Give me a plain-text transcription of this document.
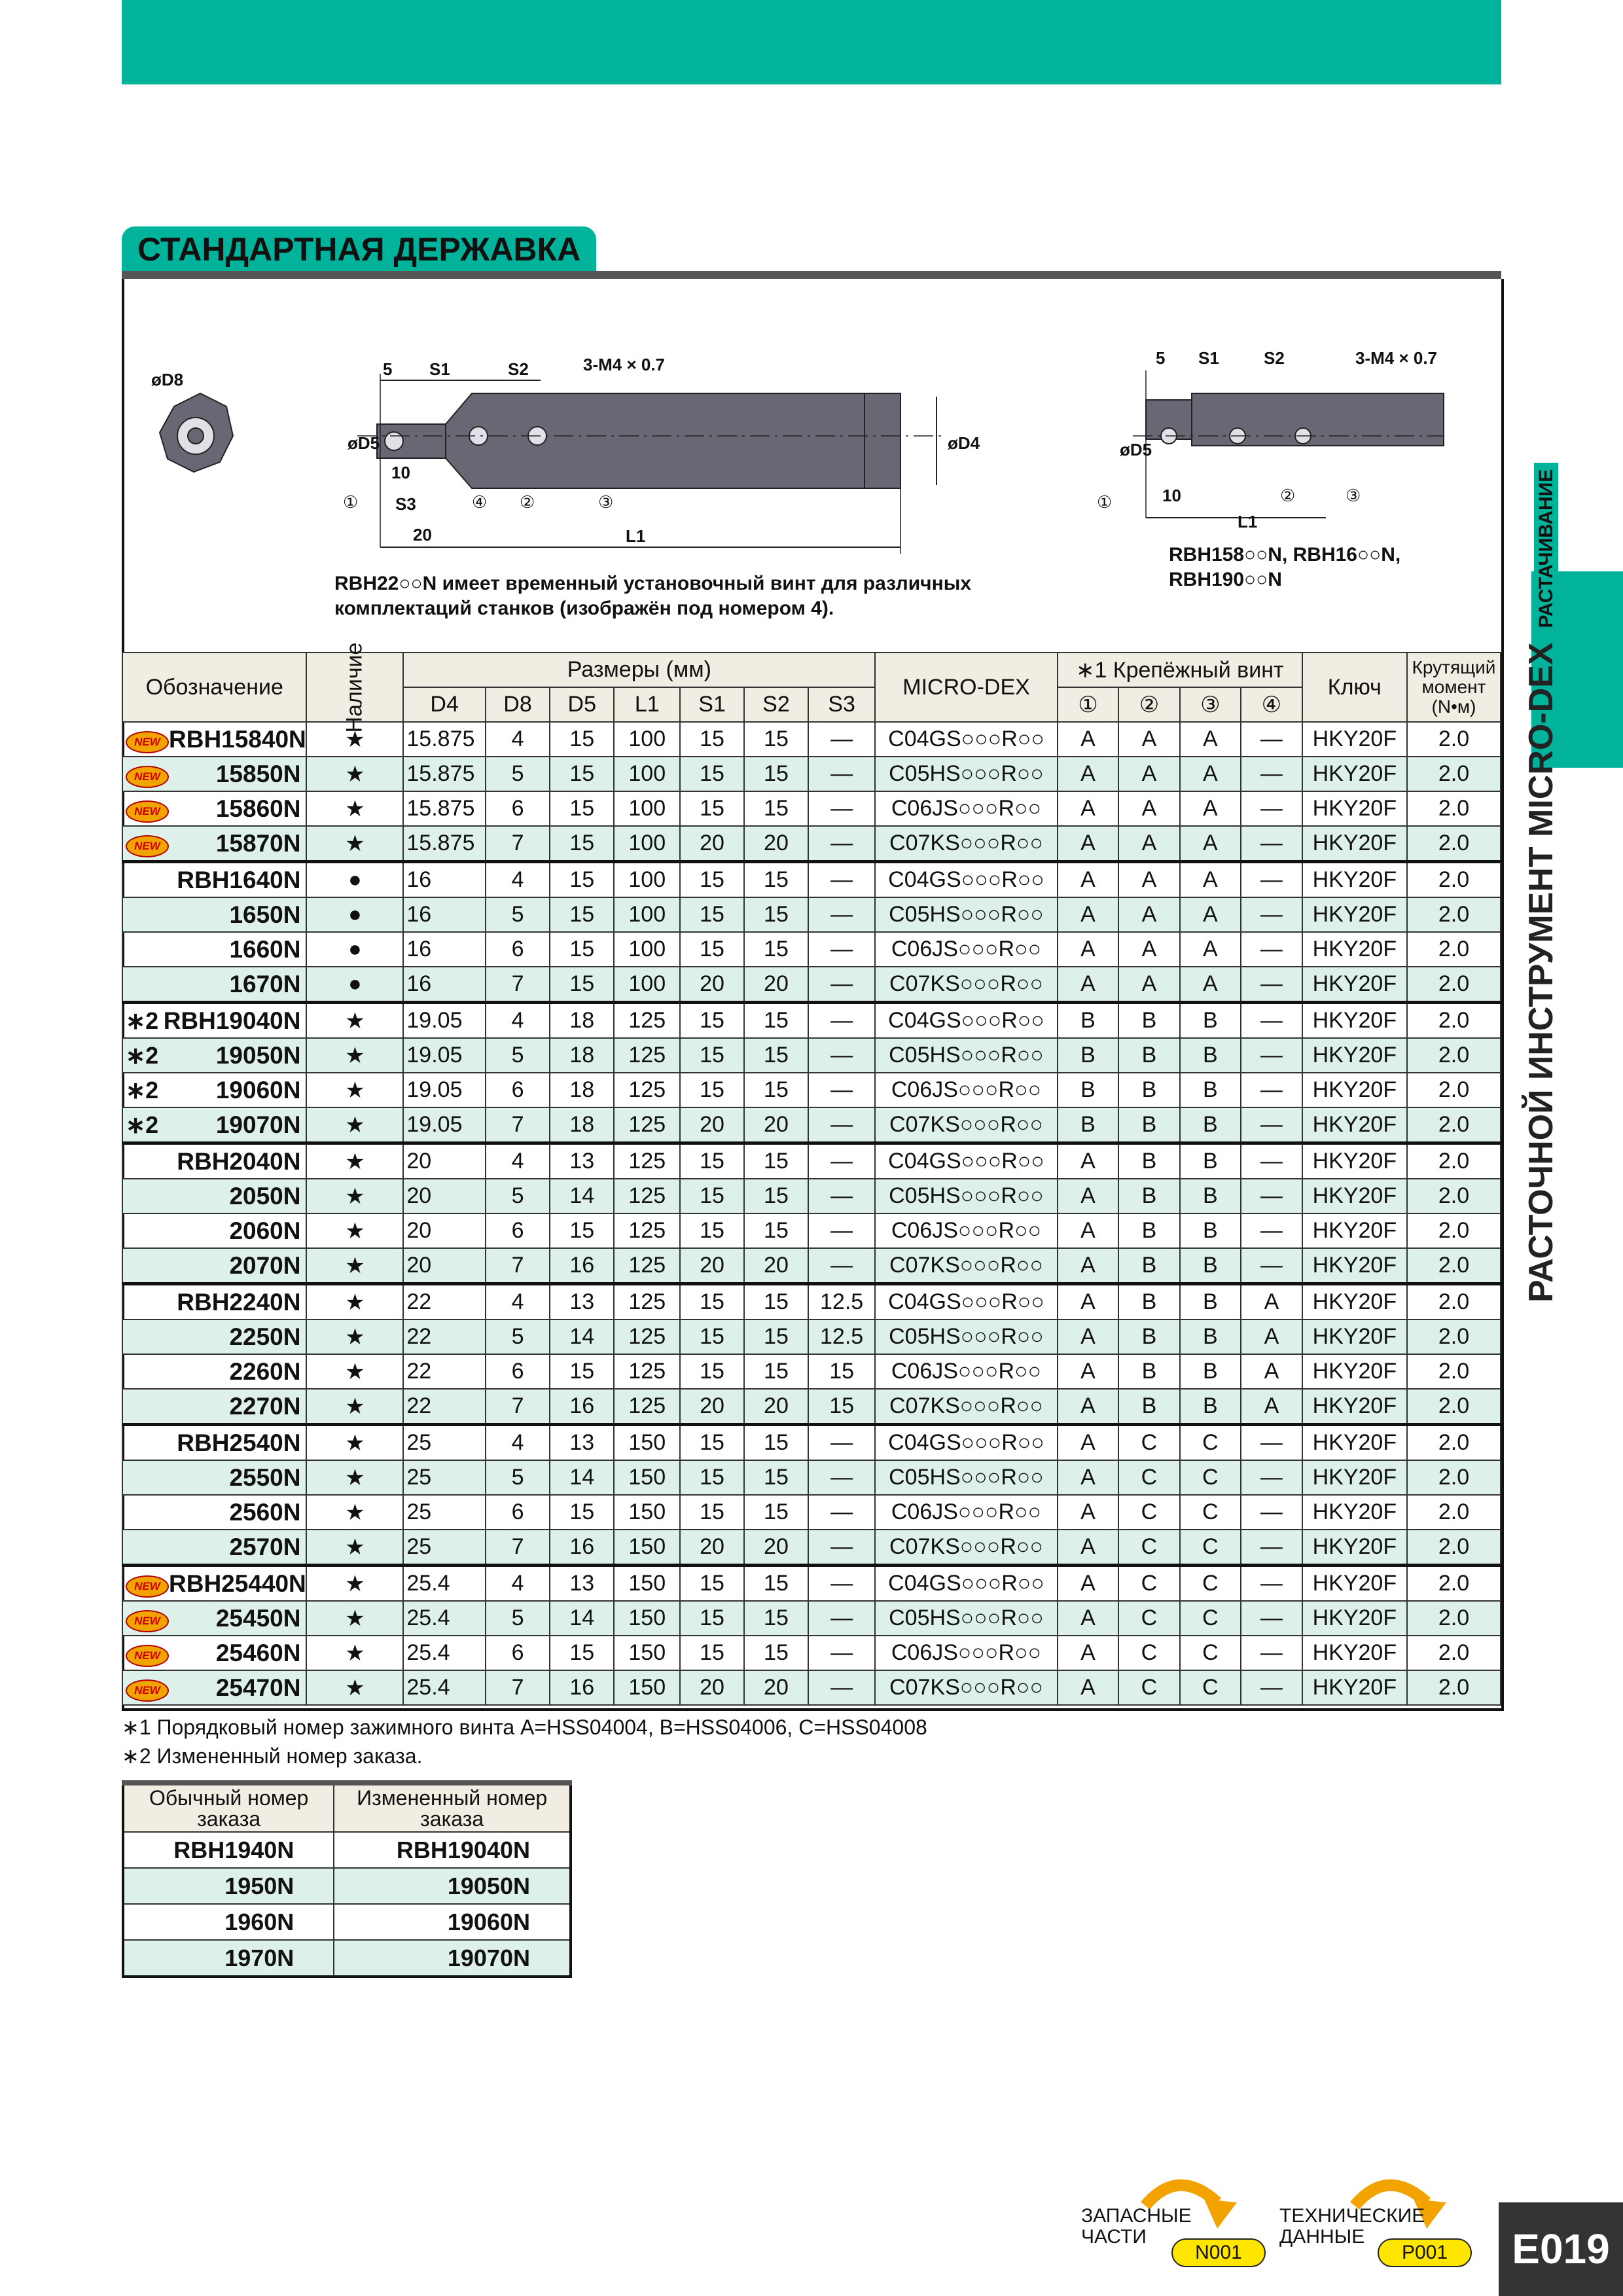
СТАНДАРТНАЯ ДЕРЖАВКА
øD8
5 S1	S2	3-M4 × 0.7
øD5	øD4
10
S3
20	L1
①	④ ②	③
5 S1	S2	3-M4 × 0.7
øD5
10
L1
①	②	③
RBH22○○N имеет временный установочный винт для различных
комплектаций станков (изображён под номером 4).
RBH158○○N, RBH16○○N,
RBH190○○N
РАСТОЧНОЙ ИНСТРУМЕНТ MICRO-DEXРАСТАЧИВАНИЕ
Обозначение	Наличие	Размеры (мм)							MICRO-DEX	∗1 Крепёжный винт				Ключ	Крутящий
момент
(N•м)

		D4	D8	D5	L1	S1	S2	S3		①	②	③	④		

NEW RBH15840N	★	15.875	4	15	100	15	15	—	C04GS○○○R○○	A	A	A	—	HKY20F	2.0

NEW 15850N	★	15.875	5	15	100	15	15	—	C05HS○○○R○○	A	A	A	—	HKY20F	2.0

NEW 15860N	★	15.875	6	15	100	15	15	—	C06JS○○○R○○	A	A	A	—	HKY20F	2.0

NEW 15870N	★	15.875	7	15	100	20	20	—	C07KS○○○R○○	A	A	A	—	HKY20F	2.0
RBH1640N	●	16	4	15	100	15	15	—	C04GS○○○R○○	A	A	A	—	HKY20F	2.0
1650N	●	16	5	15	100	15	15	—	C05HS○○○R○○	A	A	A	—	HKY20F	2.0
1660N	●	16	6	15	100	15	15	—	C06JS○○○R○○	A	A	A	—	HKY20F	2.0
1670N	●	16	7	15	100	20	20	—	C07KS○○○R○○	A	A	A	—	HKY20F	2.0

∗2 RBH19040N	★	19.05	4	18	125	15	15	—	C04GS○○○R○○	B	B	B	—	HKY20F	2.0

∗2 19050N	★	19.05	5	18	125	15	15	—	C05HS○○○R○○	B	B	B	—	HKY20F	2.0

∗2 19060N	★	19.05	6	18	125	15	15	—	C06JS○○○R○○	B	B	B	—	HKY20F	2.0

∗2 19070N	★	19.05	7	18	125	20	20	—	C07KS○○○R○○	B	B	B	—	HKY20F	2.0
RBH2040N	★	20	4	13	125	15	15	—	C04GS○○○R○○	A	B	B	—	HKY20F	2.0
2050N	★	20	5	14	125	15	15	—	C05HS○○○R○○	A	B	B	—	HKY20F	2.0
2060N	★	20	6	15	125	15	15	—	C06JS○○○R○○	A	B	B	—	HKY20F	2.0
2070N	★	20	7	16	125	20	20	—	C07KS○○○R○○	A	B	B	—	HKY20F	2.0
RBH2240N	★	22	4	13	125	15	15	12.5	C04GS○○○R○○	A	B	B	A	HKY20F	2.0
2250N	★	22	5	14	125	15	15	12.5	C05HS○○○R○○	A	B	B	A	HKY20F	2.0
2260N	★	22	6	15	125	15	15	15	C06JS○○○R○○	A	B	B	A	HKY20F	2.0
2270N	★	22	7	16	125	20	20	15	C07KS○○○R○○	A	B	B	A	HKY20F	2.0
RBH2540N	★	25	4	13	150	15	15	—	C04GS○○○R○○	A	C	C	—	HKY20F	2.0
2550N	★	25	5	14	150	15	15	—	C05HS○○○R○○	A	C	C	—	HKY20F	2.0
2560N	★	25	6	15	150	15	15	—	C06JS○○○R○○	A	C	C	—	HKY20F	2.0
2570N	★	25	7	16	150	20	20	—	C07KS○○○R○○	A	C	C	—	HKY20F	2.0

NEW RBH25440N	★	25.4	4	13	150	15	15	—	C04GS○○○R○○	A	C	C	—	HKY20F	2.0

NEW 25450N	★	25.4	5	14	150	15	15	—	C05HS○○○R○○	A	C	C	—	HKY20F	2.0

NEW 25460N	★	25.4	6	15	150	15	15	—	C06JS○○○R○○	A	C	C	—	HKY20F	2.0

NEW 25470N	★	25.4	7	16	150	20	20	—	C07KS○○○R○○	A	C	C	—	HKY20F	2.0
∗1 Порядковый номер зажимного винта A=HSS04004, B=HSS04006, C=HSS04008
∗2 Измененный номер заказа.
Обычный номер заказа	Измененный номер заказа
RBH1940N	RBH19040N
1950N	19050N
1960N	19060N
1970N	19070N
ЗАПАСНЫЕ
ЧАСТИ
N001
ТЕХНИЧЕСКИЕ
ДАННЫЕ
P001	E019
